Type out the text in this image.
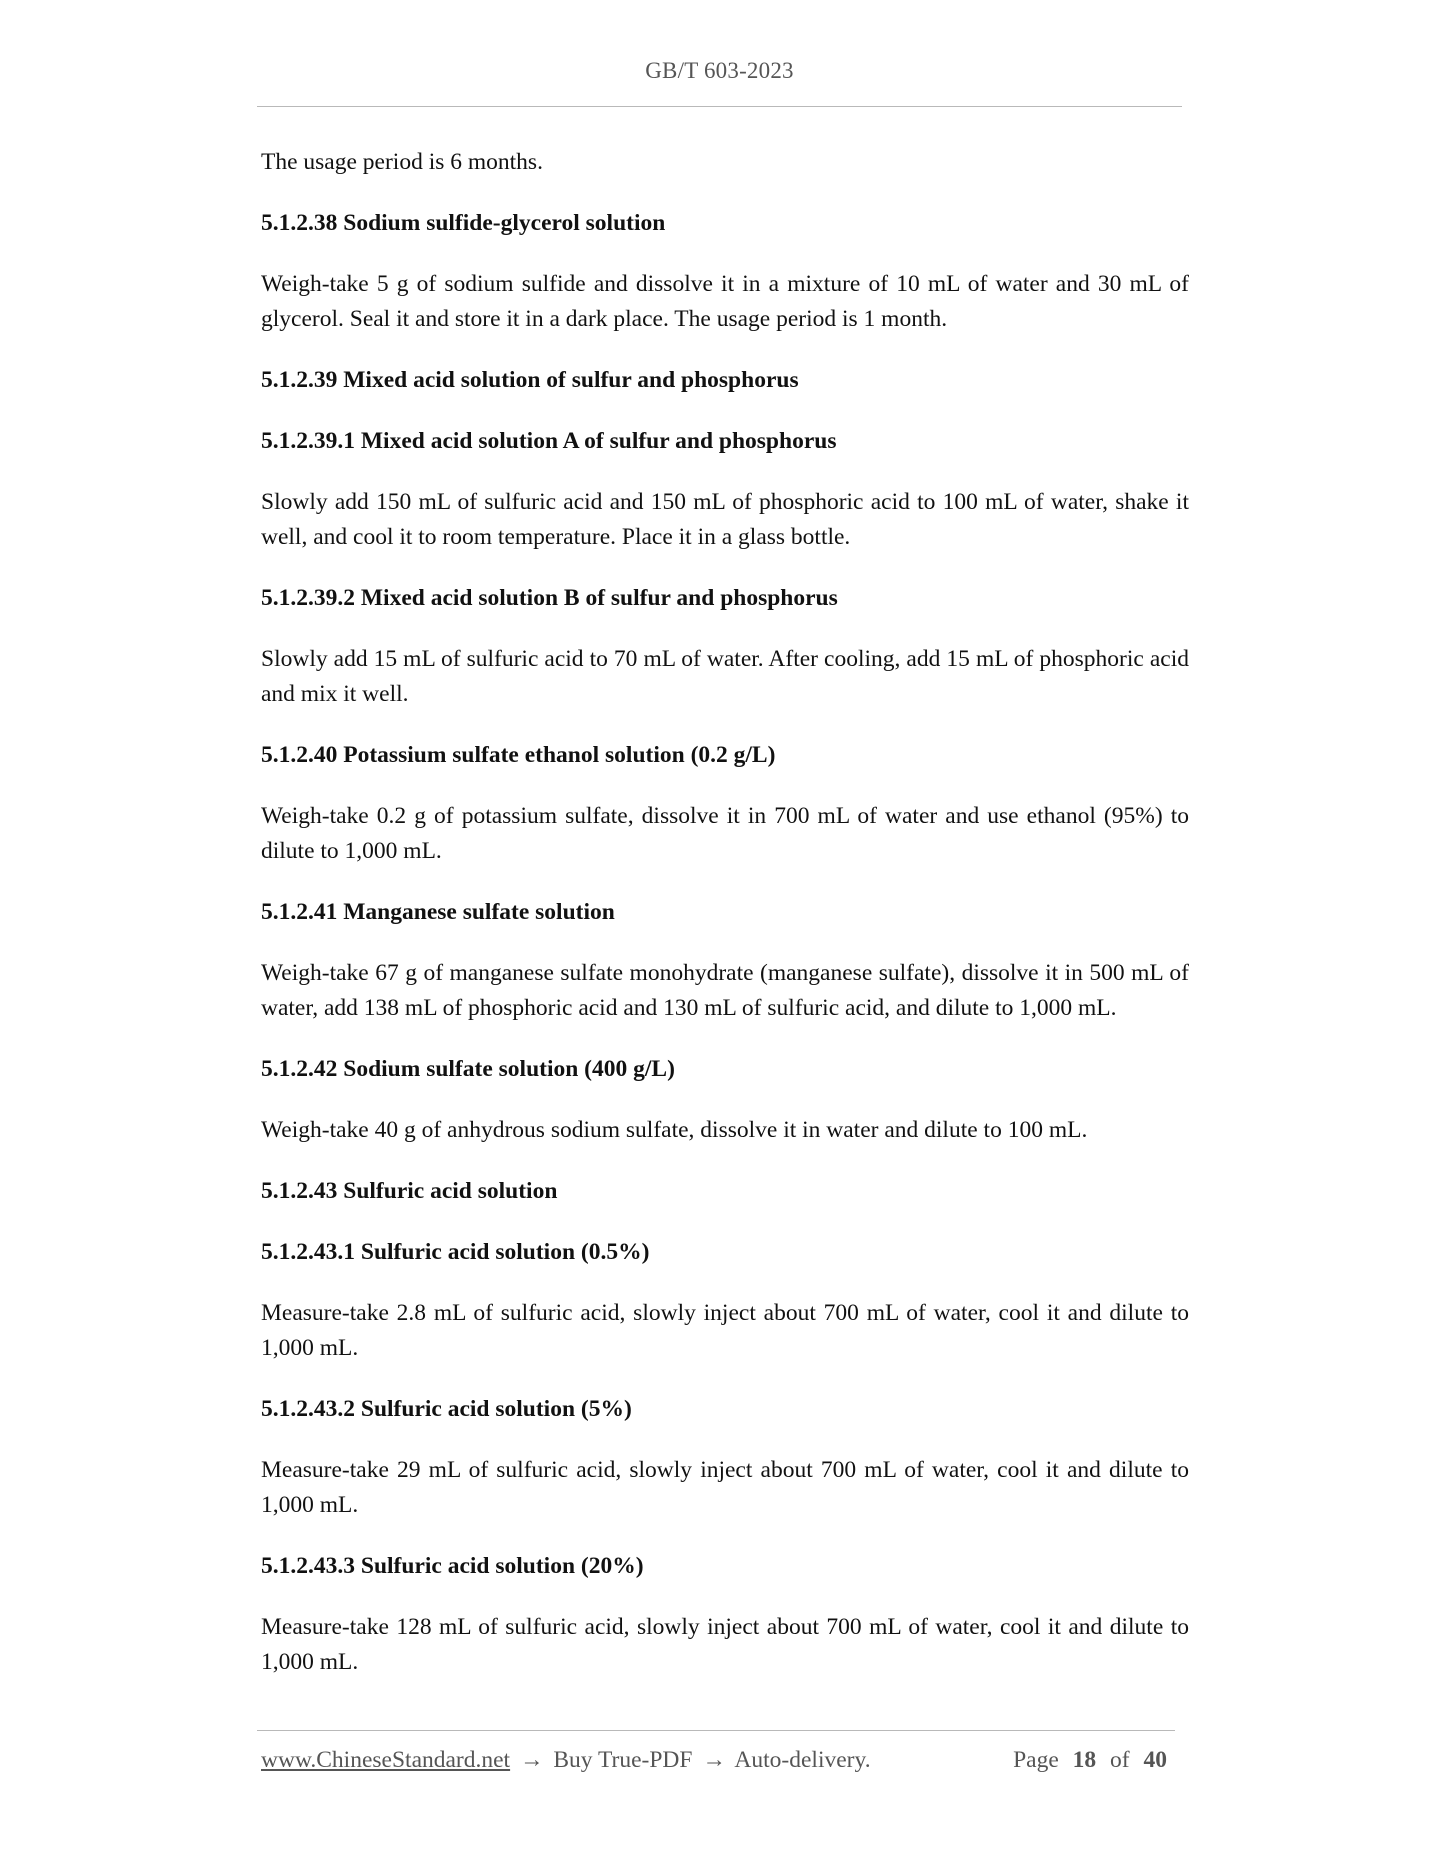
GB/T 603-2023

The usage period is 6 months.

5.1.2.38 Sodium sulfide-glycerol solution

Weigh-take 5 g of sodium sulfide and dissolve it in a mixture of 10 mL of water and 30 mL of glycerol. Seal it and store it in a dark place. The usage period is 1 month.

5.1.2.39 Mixed acid solution of sulfur and phosphorus

5.1.2.39.1 Mixed acid solution A of sulfur and phosphorus

Slowly add 150 mL of sulfuric acid and 150 mL of phosphoric acid to 100 mL of water, shake it well, and cool it to room temperature. Place it in a glass bottle.

5.1.2.39.2 Mixed acid solution B of sulfur and phosphorus

Slowly add 15 mL of sulfuric acid to 70 mL of water. After cooling, add 15 mL of phosphoric acid and mix it well.

5.1.2.40 Potassium sulfate ethanol solution (0.2 g/L)

Weigh-take 0.2 g of potassium sulfate, dissolve it in 700 mL of water and use ethanol (95%) to dilute to 1,000 mL.

5.1.2.41 Manganese sulfate solution

Weigh-take 67 g of manganese sulfate monohydrate (manganese sulfate), dissolve it in 500 mL of water, add 138 mL of phosphoric acid and 130 mL of sulfuric acid, and dilute to 1,000 mL.

5.1.2.42 Sodium sulfate solution (400 g/L)

Weigh-take 40 g of anhydrous sodium sulfate, dissolve it in water and dilute to 100 mL.

5.1.2.43 Sulfuric acid solution

5.1.2.43.1 Sulfuric acid solution (0.5%)

Measure-take 2.8 mL of sulfuric acid, slowly inject about 700 mL of water, cool it and dilute to 1,000 mL.

5.1.2.43.2 Sulfuric acid solution (5%)

Measure-take 29 mL of sulfuric acid, slowly inject about 700 mL of water, cool it and dilute to 1,000 mL.

5.1.2.43.3 Sulfuric acid solution (20%)

Measure-take 128 mL of sulfuric acid, slowly inject about 700 mL of water, cool it and dilute to 1,000 mL.

www.ChineseStandard.net → Buy True-PDF → Auto-delivery.	Page 18 of 40
